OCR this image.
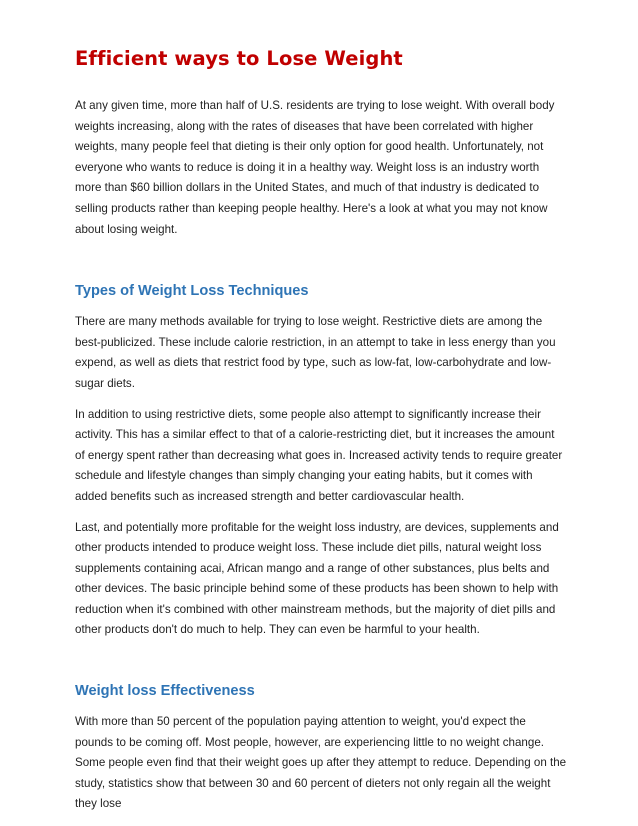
Efficient ways to Lose Weight

At any given time, more than half of U.S. residents are trying to lose weight. With overall body weights increasing, along with the rates of diseases that have been correlated with higher weights, many people feel that dieting is their only option for good health. Unfortunately, not everyone who wants to reduce is doing it in a healthy way. Weight loss is an industry worth more than $60 billion dollars in the United States, and much of that industry is dedicated to selling products rather than keeping people healthy. Here's a look at what you may not know about losing weight.

Types of Weight Loss Techniques

There are many methods available for trying to lose weight. Restrictive diets are among the best-publicized. These include calorie restriction, in an attempt to take in less energy than you expend, as well as diets that restrict food by type, such as low-fat, low-carbohydrate and low-sugar diets.

In addition to using restrictive diets, some people also attempt to significantly increase their activity. This has a similar effect to that of a calorie-restricting diet, but it increases the amount of energy spent rather than decreasing what goes in. Increased activity tends to require greater schedule and lifestyle changes than simply changing your eating habits, but it comes with added benefits such as increased strength and better cardiovascular health.

Last, and potentially more profitable for the weight loss industry, are devices, supplements and other products intended to produce weight loss. These include diet pills, natural weight loss supplements containing acai, African mango and a range of other substances, plus belts and other devices. The basic principle behind some of these products has been shown to help with reduction when it's combined with other mainstream methods, but the majority of diet pills and other products don't do much to help. They can even be harmful to your health.

Weight loss Effectiveness

With more than 50 percent of the population paying attention to weight, you'd expect the pounds to be coming off. Most people, however, are experiencing little to no weight change. Some people even find that their weight goes up after they attempt to reduce. Depending on the study, statistics show that between 30 and 60 percent of dieters not only regain all the weight they lose
